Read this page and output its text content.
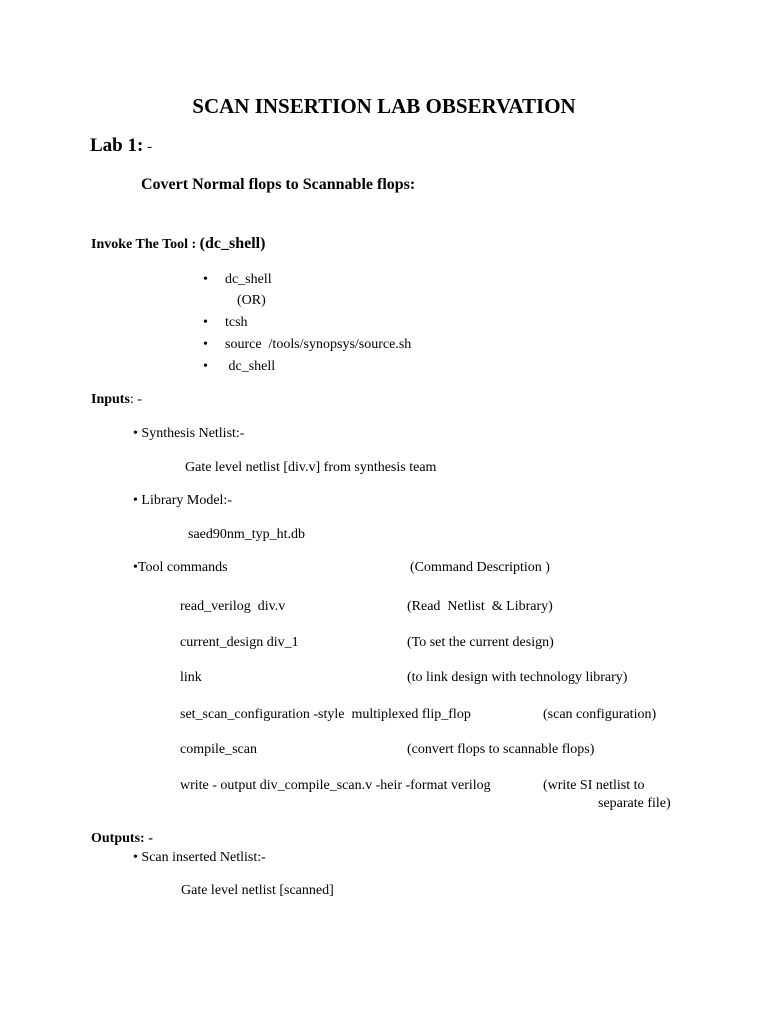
SCAN INSERTION LAB OBSERVATION
Lab 1: -
Covert Normal flops to Scannable flops:
Invoke The Tool : (dc_shell)
• dc_shell
(OR)
• tcsh
• source  /tools/synopsys/source.sh
• dc_shell
Inputs: -
• Synthesis Netlist:-
Gate level netlist [div.v] from synthesis team
• Library Model:-
saed90nm_typ_ht.db
•Tool commands	(Command Description )
read_verilog  div.v	(Read  Netlist  & Library)
current_design div_1	(To set the current design)
link	(to link design with technology library)
set_scan_configuration -style  multiplexed flip_flop	(scan configuration)
compile_scan	(convert flops to scannable flops)
write - output div_compile_scan.v -heir -format verilog	(write SI netlist to
separate file)
Outputs: -
• Scan inserted Netlist:-
Gate level netlist [scanned]
